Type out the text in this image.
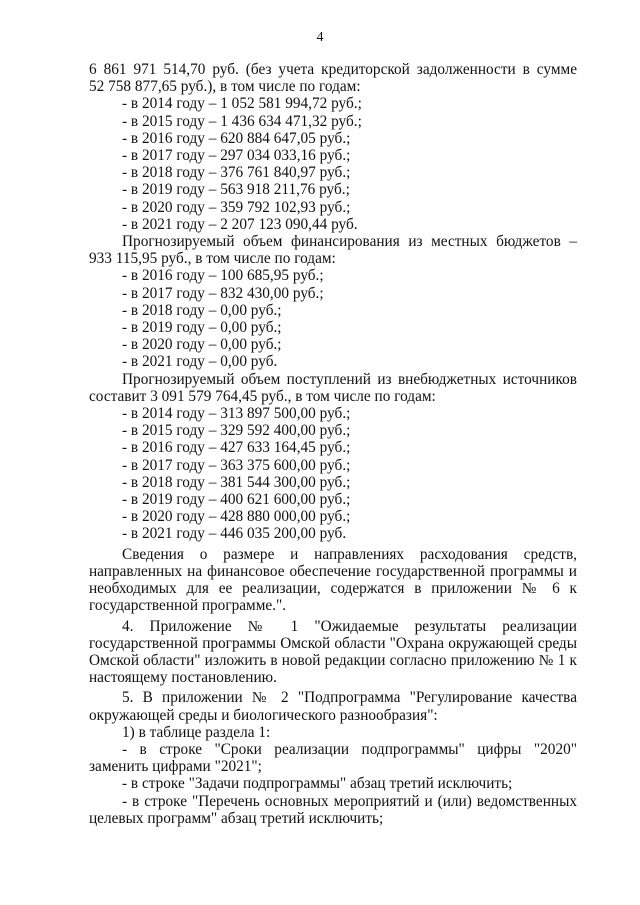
4

6 861 971 514,70 руб. (без учета кредиторской задолженности в сумме

52 758 877,65 руб.), в том числе по годам:

- в 2014 году – 1 052 581 994,72 руб.;
- в 2015 году – 1 436 634 471,32 руб.;
- в 2016 году – 620 884 647,05 руб.;
- в 2017 году – 297 034 033,16 руб.;
- в 2018 году – 376 761 840,97 руб.;
- в 2019 году – 563 918 211,76 руб.;
- в 2020 году – 359 792 102,93 руб.;
- в 2021 году – 2 207 123 090,44 руб.

Прогнозируемый объем финансирования из местных бюджетов –

933 115,95 руб., в том числе по годам:

- в 2016 году – 100 685,95 руб.;
- в 2017 году – 832 430,00 руб.;
- в 2018 году – 0,00 руб.;
- в 2019 году – 0,00 руб.;
- в 2020 году – 0,00 руб.;
- в 2021 году – 0,00 руб.

Прогнозируемый объем поступлений из внебюджетных источников

составит 3 091 579 764,45 руб., в том числе по годам:

- в 2014 году – 313 897 500,00 руб.;
- в 2015 году – 329 592 400,00 руб.;
- в 2016 году – 427 633 164,45 руб.;
- в 2017 году – 363 375 600,00 руб.;
- в 2018 году – 381 544 300,00 руб.;
- в 2019 году – 400 621 600,00 руб.;
- в 2020 году – 428 880 000,00 руб.;
- в 2021 году – 446 035 200,00 руб.

Сведения о размере и направлениях расходования средств, направленных на финансовое обеспечение государственной программы и необходимых для ее реализации, содержатся в приложении № 6 к государственной программе.".

4. Приложение № 1 "Ожидаемые результаты реализации государственной программы Омской области "Охрана окружающей среды Омской области" изложить в новой редакции согласно приложению № 1 к настоящему постановлению.

5. В приложении № 2 "Подпрограмма "Регулирование качества окружающей среды и биологического разнообразия":

1) в таблице раздела 1:

- в строке "Сроки реализации подпрограммы" цифры "2020" заменить цифрами "2021";

- в строке "Задачи подпрограммы" абзац третий исключить;

- в строке "Перечень основных мероприятий и (или) ведомственных целевых программ" абзац третий исключить;
